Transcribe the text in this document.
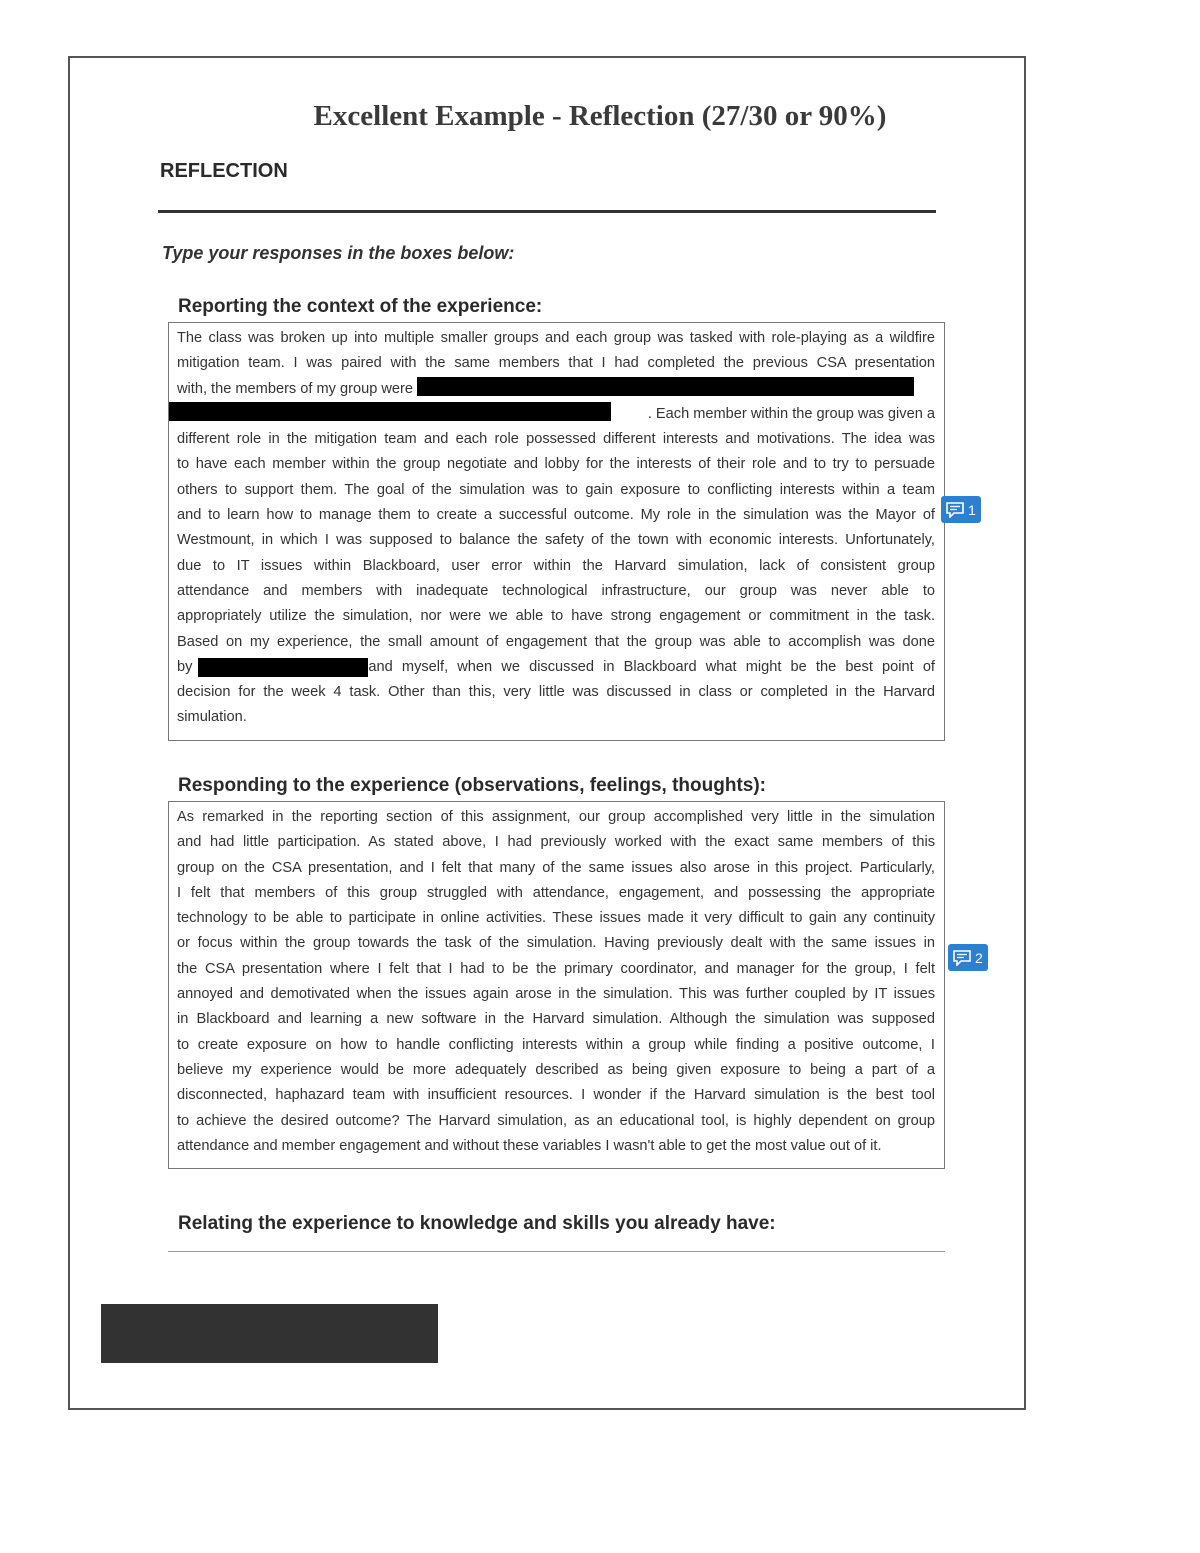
Excellent Example - Reflection (27/30 or 90%)
REFLECTION
Type your responses in the boxes below:
Reporting the context of the experience:
The class was broken up into multiple smaller groups and each group was tasked with role-playing as a wildfire
mitigation team. I was paired with the same members that I had completed the previous CSA presentation
with, the members of my group were
. Each member within the group was given a
different role in the mitigation team and each role possessed different interests and motivations. The idea was
to have each member within the group negotiate and lobby for the interests of their role and to try to persuade
others to support them. The goal of the simulation was to gain exposure to conflicting interests within a team
and to learn how to manage them to create a successful outcome. My role in the simulation was the Mayor of
Westmount, in which I was supposed to balance the safety of the town with economic interests. Unfortunately,
due to IT issues within Blackboard, user error within the Harvard simulation, lack of consistent group
attendance and members with inadequate technological infrastructure, our group was never able to
appropriately utilize the simulation, nor were we able to have strong engagement or commitment in the task.
Based on my experience, the small amount of engagement that the group was able to accomplish was done
by	and myself, when we discussed in Blackboard what might be the best point of
decision for the week 4 task. Other than this, very little was discussed in class or completed in the Harvard
simulation.
1
Responding to the experience (observations, feelings, thoughts):
As remarked in the reporting section of this assignment, our group accomplished very little in the simulation
and had little participation. As stated above, I had previously worked with the exact same members of this
group on the CSA presentation, and I felt that many of the same issues also arose in this project. Particularly,
I felt that members of this group struggled with attendance, engagement, and possessing the appropriate
technology to be able to participate in online activities. These issues made it very difficult to gain any continuity
or focus within the group towards the task of the simulation. Having previously dealt with the same issues in
the CSA presentation where I felt that I had to be the primary coordinator, and manager for the group, I felt
annoyed and demotivated when the issues again arose in the simulation. This was further coupled by IT issues
in Blackboard and learning a new software in the Harvard simulation. Although the simulation was supposed
to create exposure on how to handle conflicting interests within a group while finding a positive outcome, I
believe my experience would be more adequately described as being given exposure to being a part of a
disconnected, haphazard team with insufficient resources. I wonder if the Harvard simulation is the best tool
to achieve the desired outcome? The Harvard simulation, as an educational tool, is highly dependent on group
attendance and member engagement and without these variables I wasn't able to get the most value out of it.
2
Relating the experience to knowledge and skills you already have:
